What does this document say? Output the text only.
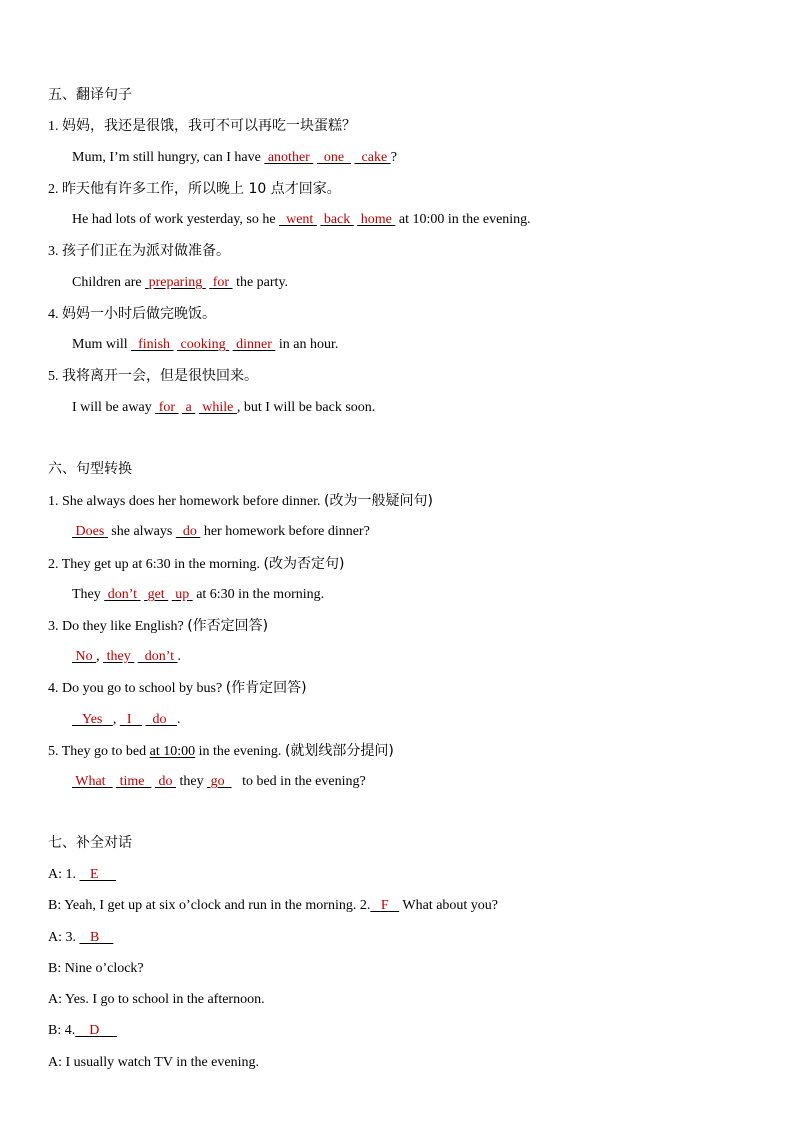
五、翻译句子
1. 妈妈，我还是很饿，我可不可以再吃一块蛋糕？
Mum, I’m still hungry, can I have  another one cake ?
2. 昨天他有许多工作，所以晚上 10 点才回家。
He had lots of work yesterday, so he   went back home  at 10:00 in the evening.
3. 孩子们正在为派对做准备。
Children are  preparing for  the party.
4. 妈妈一小时后做完晚饭。
Mum will   finish cooking dinner  in an hour.
5. 我将离开一会，但是很快回来。
I will be away  for a while , but I will be back soon.
六、句型转换
1. She always does her homework before dinner. (改为一般疑问句)
Does  she always   do  her homework before dinner?
2. They get up at 6:30 in the morning. (改为否定句)
They  don’t get up  at 6:30 in the morning.
3. Do they like English? (作否定回答)
No ,  they don’t .
4. Do you go to school by bus? (作肯定回答)
Yes ,   I do .
5. They go to bed at 10:00 in the evening. (就划线部分提问)
What time do  they  go     to bed in the evening?
七、补全对话
A: 1.    E
B: Yeah, I get up at six o’clock and run in the morning. 2. F    What about you?
A: 3.    B
B: Nine o’clock?
A: Yes. I go to school in the afternoon.
B: 4. D
A: I usually watch TV in the evening.
